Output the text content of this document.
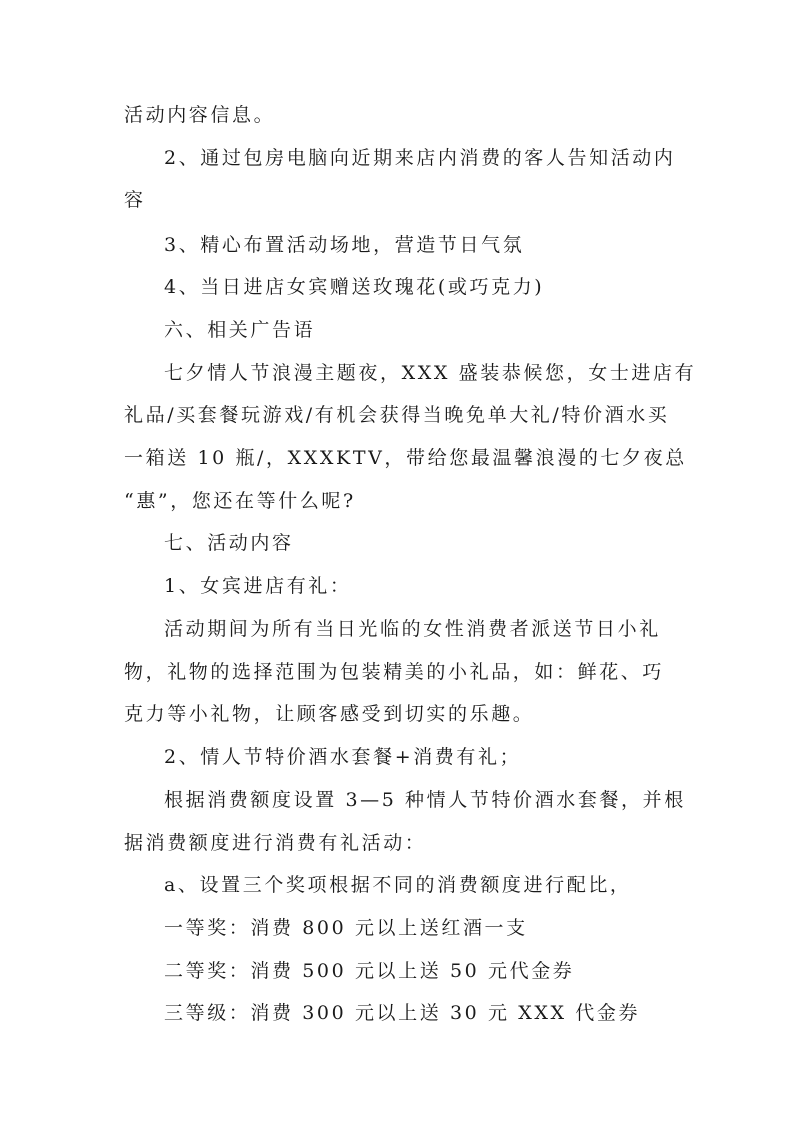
活动内容信息。
2、通过包房电脑向近期来店内消费的客人告知活动内
容
3、精心布置活动场地，营造节日气氛
4、当日进店女宾赠送玫瑰花(或巧克力)
六、相关广告语
七夕情人节浪漫主题夜，XXX 盛装恭候您，女士进店有
礼品/买套餐玩游戏/有机会获得当晚免单大礼/特价酒水买
一箱送 10 瓶/，XXXKTV，带给您最温馨浪漫的七夕夜总
“惠”，您还在等什么呢?
七、活动内容
1、女宾进店有礼：
活动期间为所有当日光临的女性消费者派送节日小礼
物，礼物的选择范围为包装精美的小礼品，如：鲜花、巧
克力等小礼物，让顾客感受到切实的乐趣。
2、情人节特价酒水套餐+消费有礼；
根据消费额度设置 3—5 种情人节特价酒水套餐，并根
据消费额度进行消费有礼活动：
a、设置三个奖项根据不同的消费额度进行配比，
一等奖：消费 800 元以上送红酒一支
二等奖：消费 500 元以上送 50 元代金券
三等级：消费 300 元以上送 30 元 XXX 代金券
